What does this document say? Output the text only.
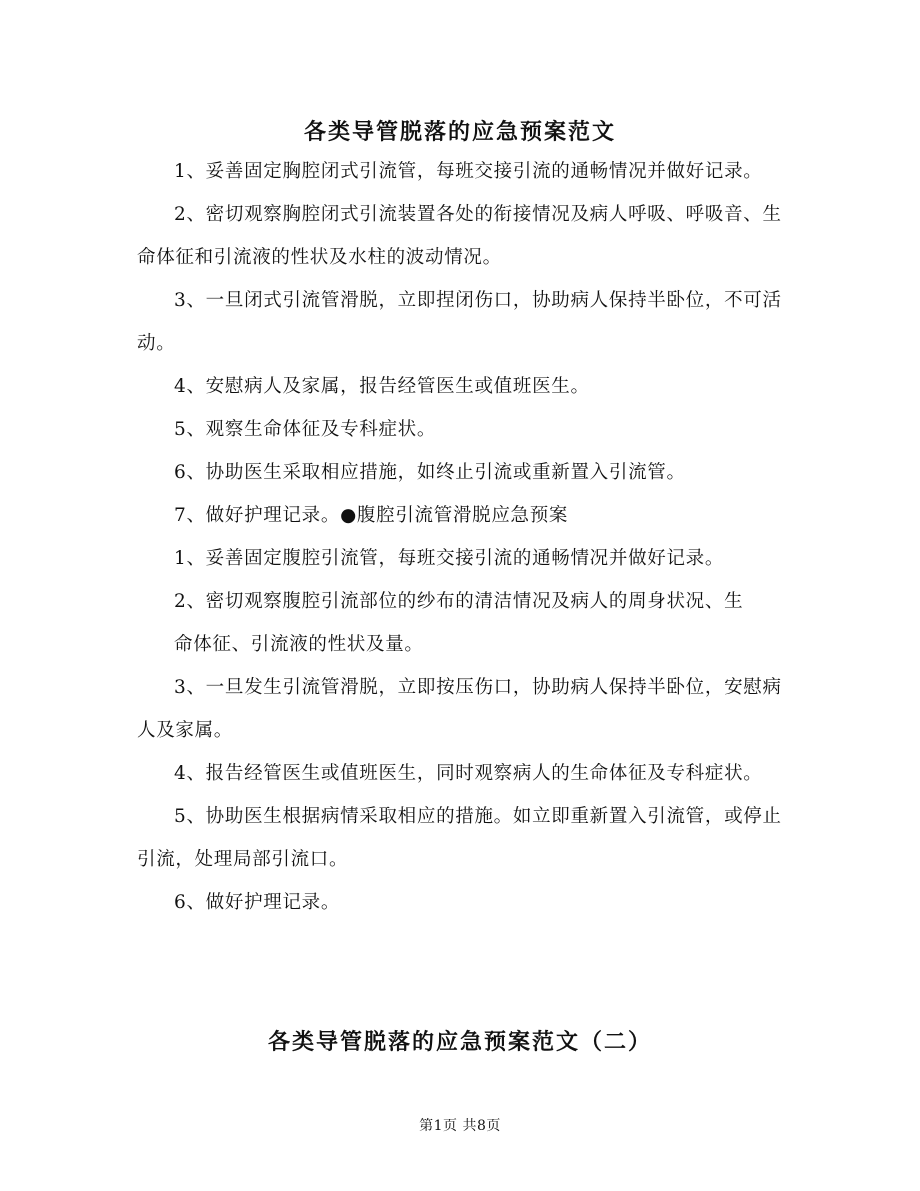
各类导管脱落的应急预案范文

1、妥善固定胸腔闭式引流管，每班交接引流的通畅情况并做好记录。

2、密切观察胸腔闭式引流装置各处的衔接情况及病人呼吸、呼吸音、生命体征和引流液的性状及水柱的波动情况。

3、一旦闭式引流管滑脱，立即捏闭伤口，协助病人保持半卧位，不可活动。

4、安慰病人及家属，报告经管医生或值班医生。

5、观察生命体征及专科症状。

6、协助医生采取相应措施，如终止引流或重新置入引流管。

7、做好护理记录。●腹腔引流管滑脱应急预案

1、妥善固定腹腔引流管，每班交接引流的通畅情况并做好记录。

2、密切观察腹腔引流部位的纱布的清洁情况及病人的周身状况、生

命体征、引流液的性状及量。

3、一旦发生引流管滑脱，立即按压伤口，协助病人保持半卧位，安慰病人及家属。

4、报告经管医生或值班医生，同时观察病人的生命体征及专科症状。

5、协助医生根据病情采取相应的措施。如立即重新置入引流管，或停止引流，处理局部引流口。

6、做好护理记录。

各类导管脱落的应急预案范文（二）

第1页 共8页
